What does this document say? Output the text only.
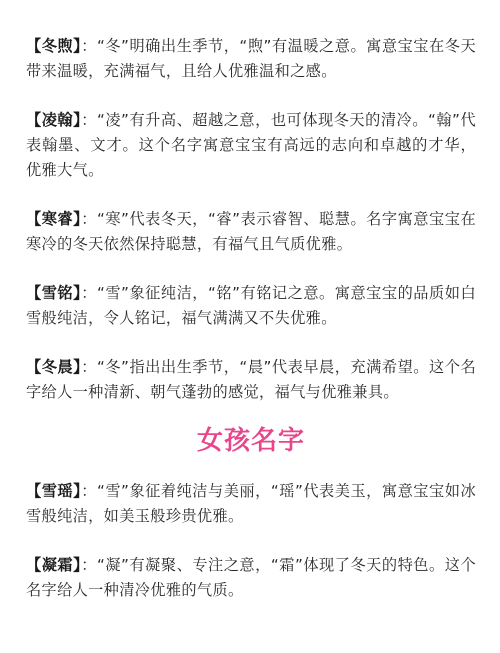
【冬煦】：“冬”明确出生季节，“煦”有温暖之意。寓意宝宝在冬天带来温暖，充满福气，且给人优雅温和之感。

【凌翰】：“凌”有升高、超越之意，也可体现冬天的清冷。“翰”代表翰墨、文才。这个名字寓意宝宝有高远的志向和卓越的才华，优雅大气。

【寒睿】：“寒”代表冬天，“睿”表示睿智、聪慧。名字寓意宝宝在寒冷的冬天依然保持聪慧，有福气且气质优雅。

【雪铭】：“雪”象征纯洁，“铭”有铭记之意。寓意宝宝的品质如白雪般纯洁，令人铭记，福气满满又不失优雅。

【冬晨】：“冬”指出出生季节，“晨”代表早晨，充满希望。这个名字给人一种清新、朝气蓬勃的感觉，福气与优雅兼具。

女孩名字

【雪瑶】：“雪”象征着纯洁与美丽，“瑶”代表美玉，寓意宝宝如冰雪般纯洁，如美玉般珍贵优雅。

【凝霜】：“凝”有凝聚、专注之意，“霜”体现了冬天的特色。这个名字给人一种清冷优雅的气质。
